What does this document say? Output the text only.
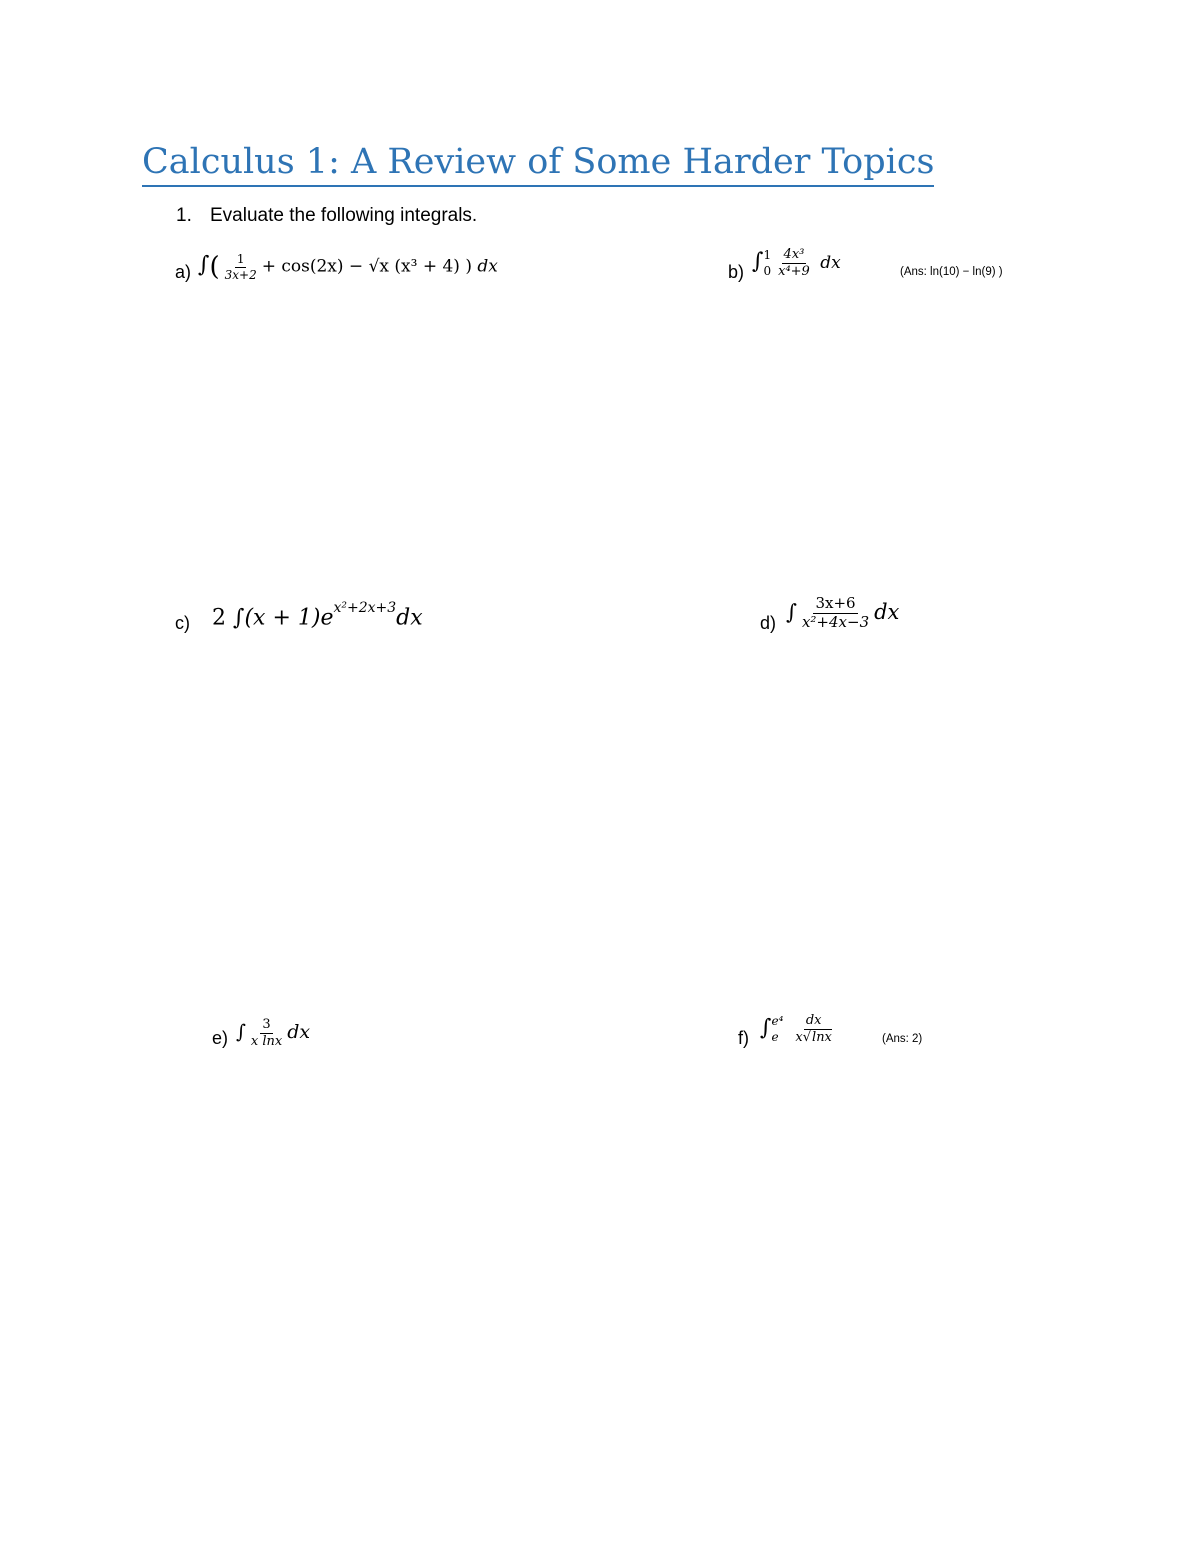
Calculus 1: A Review of Some Harder Topics
1. Evaluate the following integrals.
a) ∫( $\frac{1}{3x+2} + \cos(2x) - √x$ (x³ + 4) ) dx	b) ∫ 1
$0 \frac{\text{4x³}}{\text{x⁴+9}}$ dx	(Ans: ln(10) − ln(9) )
c) 2 $\int(x + 1)e^{x^2+2x+3}dx$	d) ∫ $\frac{3x+6}{\text{x²+4x−3}}$ dx
e) ∫ $\frac{3}{\text{x lnx}}$ dx	f) ∫ e⁴
e	$\frac{dx}{x√\ln x}$	(Ans: 2)
